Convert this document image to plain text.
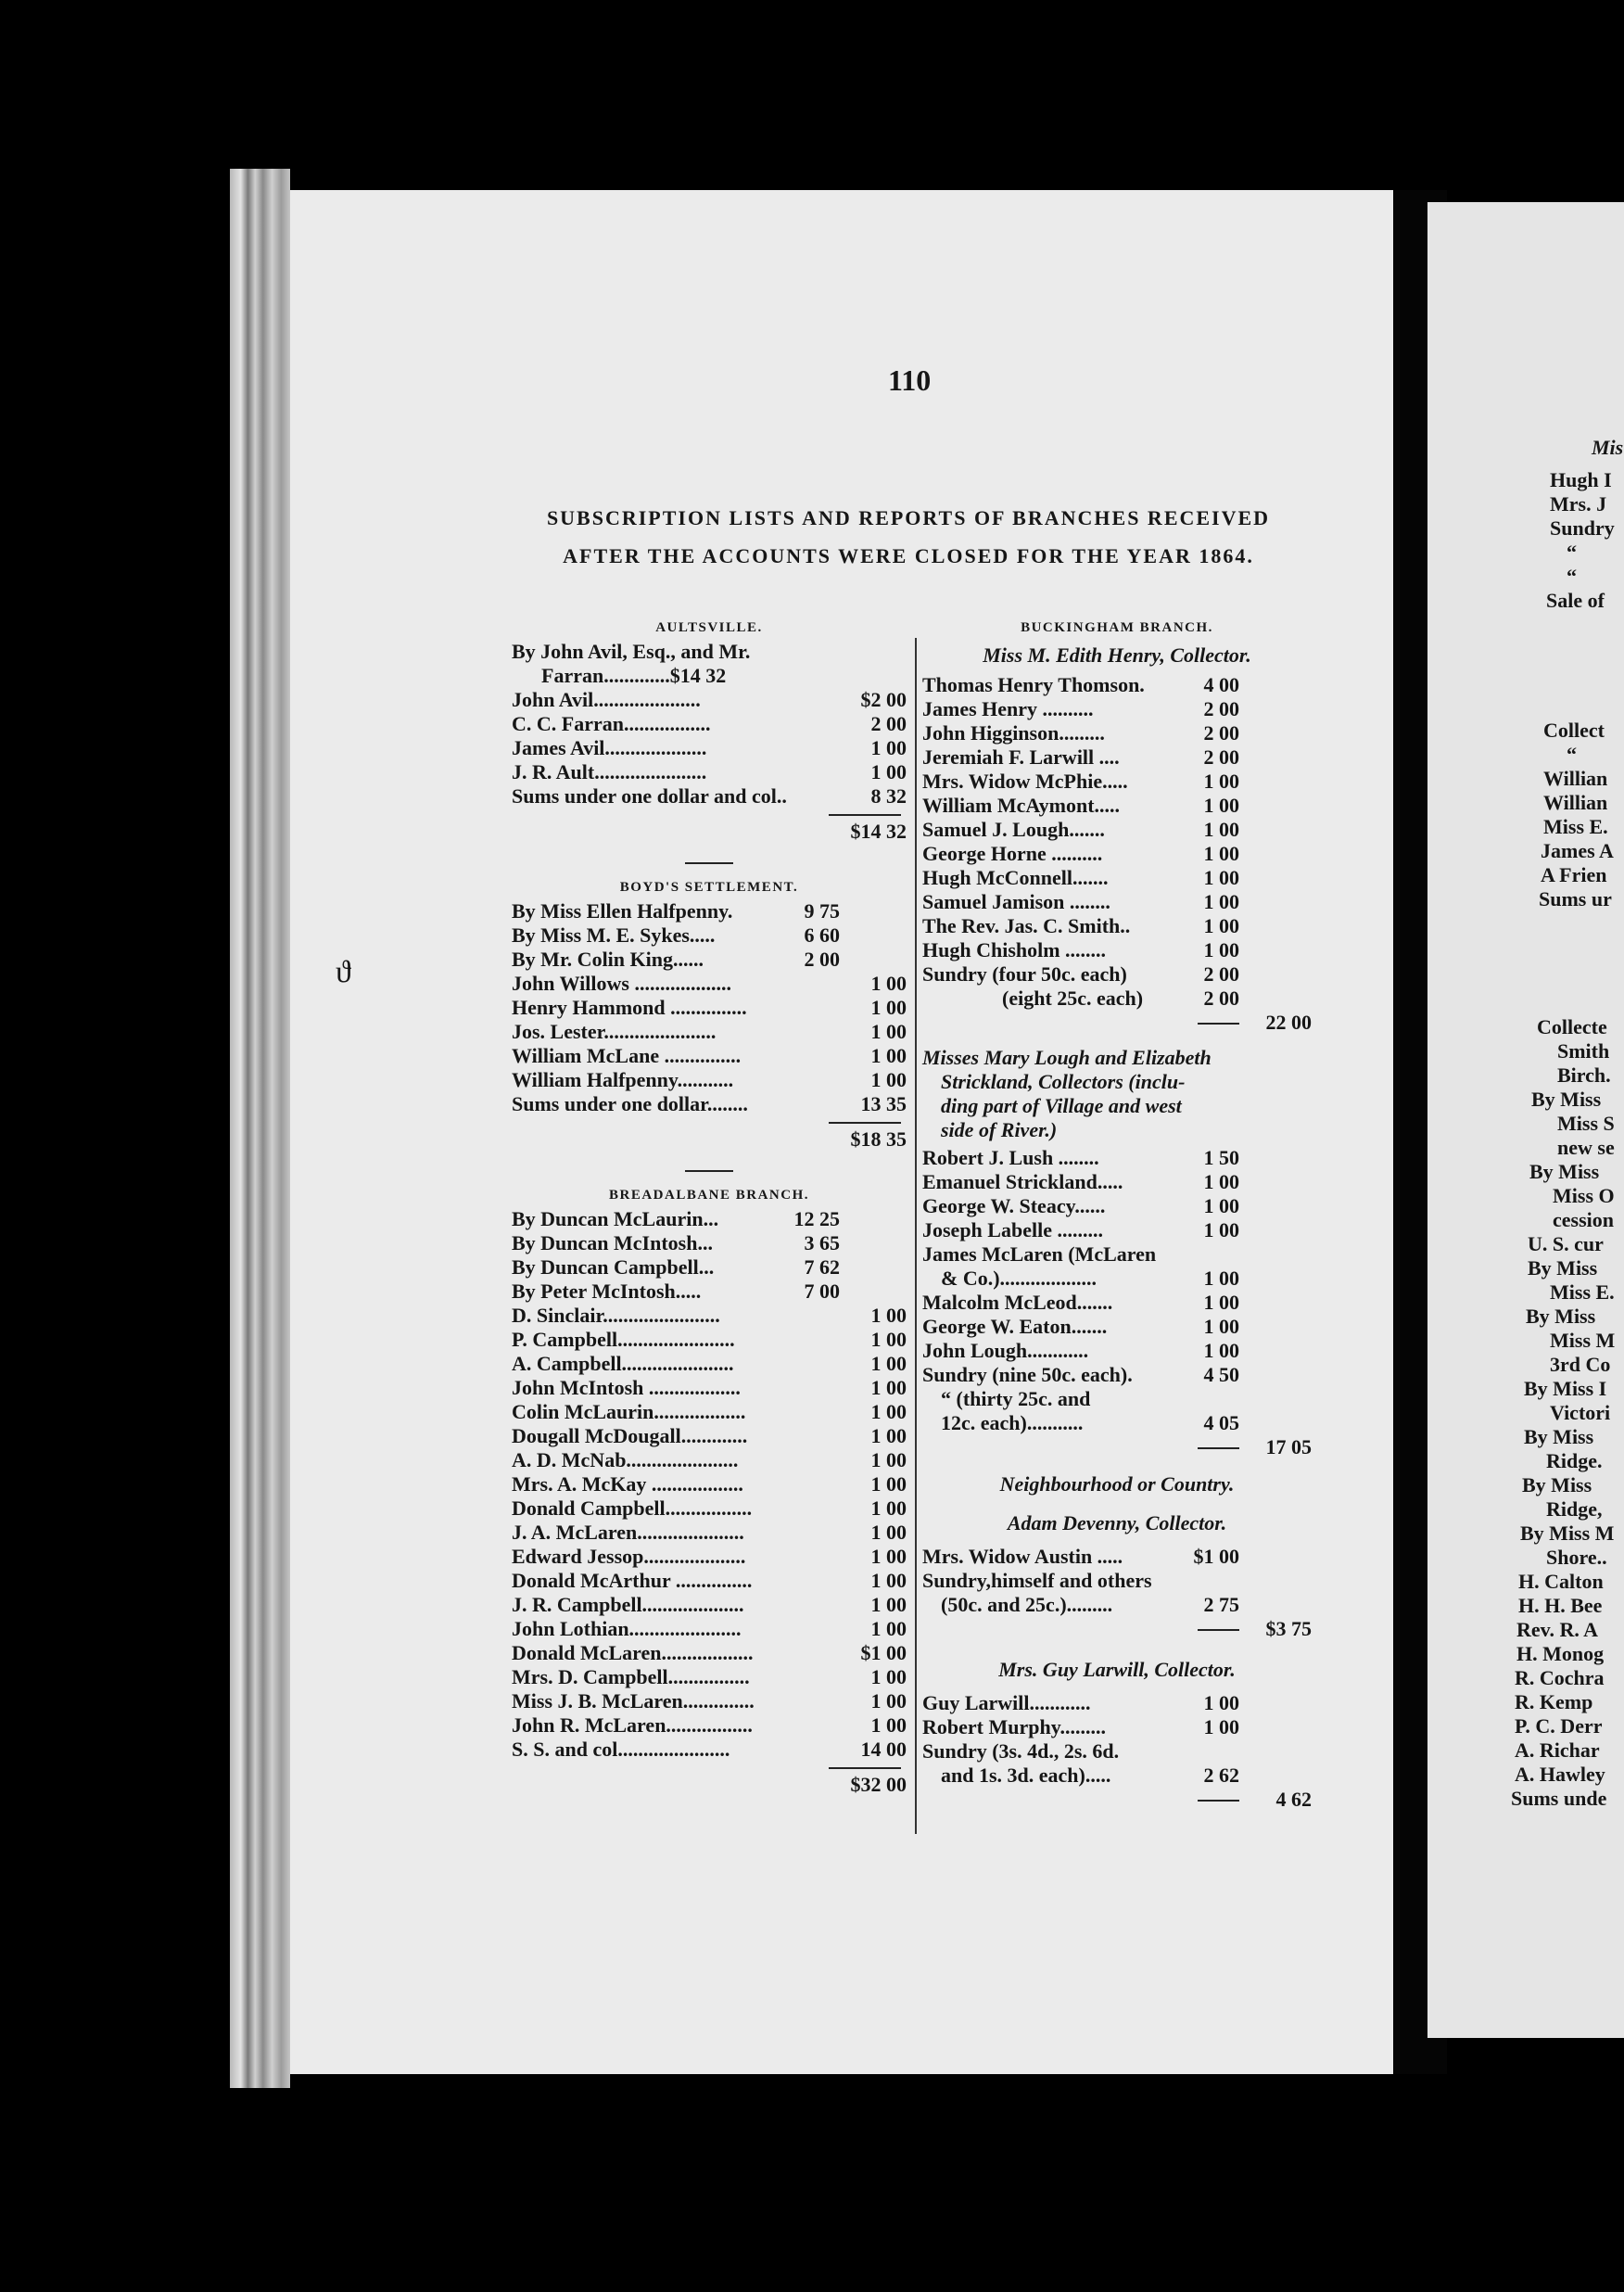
ϑ
110
SUBSCRIPTION LISTS AND REPORTS OF BRANCHES RECEIVED
AFTER THE ACCOUNTS WERE CLOSED FOR THE YEAR 1864.
AULTSVILLE.
By John Avil, Esq., and Mr.
Farran.............$14 32
John Avil.....................	$2 00
C. C. Farran.................	2 00
James Avil....................	1 00
J. R. Ault......................	1 00
Sums under one dollar and col..	8 32
$14 32
BOYD'S SETTLEMENT.
By Miss Ellen Halfpenny.	9 75
By Miss M. E. Sykes.....	6 60
By Mr. Colin King......	2 00
John Willows ...................	1 00
Henry Hammond ...............	1 00
Jos. Lester......................	1 00
William McLane ...............	1 00
William Halfpenny...........	1 00
Sums under one dollar........	13 35
$18 35
BREADALBANE BRANCH.
By Duncan McLaurin...	12 25
By Duncan McIntosh...	3 65
By Duncan Campbell...	7 62
By Peter McIntosh.....	7 00
D. Sinclair.......................	1 00
P. Campbell.......................	1 00
A. Campbell......................	1 00
John McIntosh ..................	1 00
Colin McLaurin..................	1 00
Dougall McDougall.............	1 00
A. D. McNab......................	1 00
Mrs. A. McKay ..................	1 00
Donald Campbell.................	1 00
J. A. McLaren.....................	1 00
Edward Jessop....................	1 00
Donald McArthur ...............	1 00
J. R. Campbell....................	1 00
John Lothian......................	1 00
Donald McLaren..................	$1 00
Mrs. D. Campbell................	1 00
Miss J. B. McLaren..............	1 00
John R. McLaren.................	1 00
S. S. and col......................	14 00
$32 00
BUCKINGHAM BRANCH.
Miss M. Edith Henry, Collector.
Thomas Henry Thomson.	4 00
James Henry ..........	2 00
John Higginson.........	2 00
Jeremiah F. Larwill ....	2 00
Mrs. Widow McPhie.....	1 00
William McAymont.....	1 00
Samuel J. Lough.......	1 00
George Horne ..........	1 00
Hugh McConnell.......	1 00
Samuel Jamison ........	1 00
The Rev. Jas. C. Smith..	1 00
Hugh Chisholm ........	1 00
Sundry (four 50c. each)	2 00
(eight 25c. each)	2 00
22 00
Misses Mary Lough and Elizabeth
Strickland, Collectors (inclu-
ding part of Village and west
side of River.)
Robert J. Lush ........	1 50
Emanuel Strickland.....	1 00
George W. Steacy......	1 00
Joseph Labelle .........	1 00
James McLaren (McLaren
& Co.)...................	1 00
Malcolm McLeod.......	1 00
George W. Eaton.......	1 00
John Lough............	1 00
Sundry (nine 50c. each).	4 50
“ (thirty 25c. and
12c. each)...........	4 05
17 05
Neighbourhood or Country.
Adam Devenny, Collector.
Mrs. Widow Austin .....	$1 00
Sundry,himself and others
(50c. and 25c.).........	2 75
$3 75
Mrs. Guy Larwill, Collector.
Guy Larwill............	1 00
Robert Murphy.........	1 00
Sundry (3s. 4d., 2s. 6d.
and 1s. 3d. each).....	2 62
4 62
Mis
Hugh I
Mrs. J
Sundry
“
“
Sale of
Collect
“
Willian
Willian
Miss E.
James A
A Frien
Sums ur
Collecte
Smith
Birch.
By Miss
Miss S
new se
By Miss
Miss O
cession
U. S. cur
By Miss
Miss E.
By Miss
Miss M
3rd Co
By Miss I
Victori
By Miss
Ridge.
By Miss
Ridge,
By Miss M
Shore..
H. Calton
H. H. Bee
Rev. R. A
H. Monog
R. Cochra
R. Kemp
P. C. Derr
A. Richar
A. Hawley
Sums unde
